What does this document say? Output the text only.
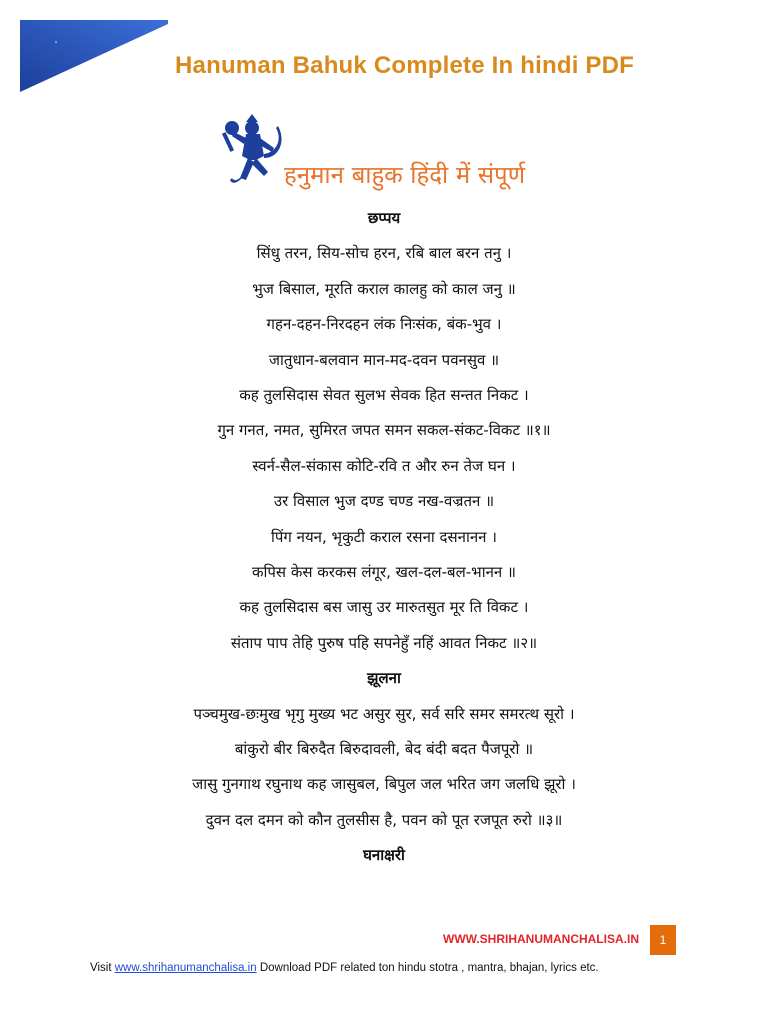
Hanuman Bahuk Complete In hindi PDF
हनुमान बाहुक हिंदी में संपूर्ण
छप्पय
सिंधु तरन, सिय-सोच हरन, रबि बाल बरन तनु ।
भुज बिसाल, मूरति कराल कालहु को काल जनु ॥
गहन-दहन-निरदहन लंक निःसंक, बंक-भुव ।
जातुधान-बलवान मान-मद-दवन पवनसुव ॥
कह तुलसिदास सेवत सुलभ सेवक हित सन्तत निकट ।
गुन गनत, नमत, सुमिरत जपत समन सकल-संकट-विकट ॥१॥
स्वर्न-सैल-संकास कोटि-रवि त और रुन तेज घन ।
उर विसाल भुज दण्ड चण्ड नख-वज्रतन ॥
पिंग नयन, भृकुटी कराल रसना दसनानन ।
कपिस केस करकस लंगूर, खल-दल-बल-भानन ॥
कह तुलसिदास बस जासु उर मारुतसुत मूर ति विकट ।
संताप पाप तेहि पुरुष पहि सपनेहुँ नहिं आवत निकट ॥२॥
झूलना
पञ्चमुख-छःमुख भृगु मुख्य भट असुर सुर, सर्व सरि समर समरत्थ सूरो ।
बांकुरो बीर बिरुदैत बिरुदावली, बेद बंदी बदत पैजपूरो ॥
जासु गुनगाथ रघुनाथ कह जासुबल, बिपुल जल भरित जग जलधि झूरो ।
दुवन दल दमन को कौन तुलसीस है, पवन को पूत रजपूत रुरो ॥३॥
घनाक्षरी
WWW.SHRIHANUMANCHALISA.IN	1
Visit www.shrihanumanchalisa.in Download PDF related ton hindu stotra , mantra, bhajan, lyrics etc.
